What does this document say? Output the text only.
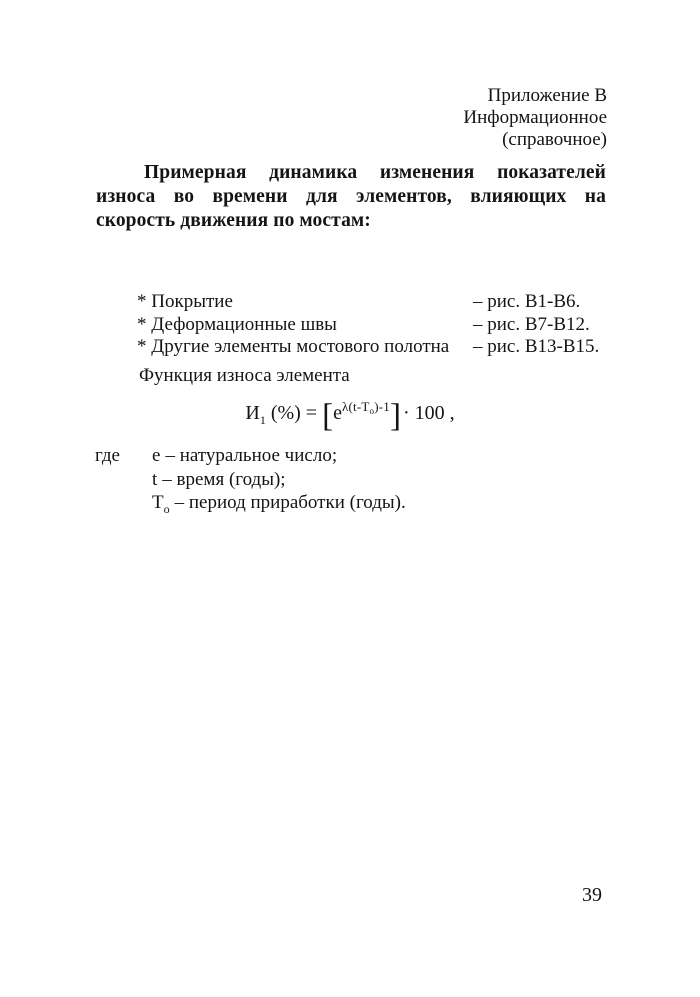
Приложение В
Информационное
(справочное)
Примерная динамика изменения показателей износа во времени для элементов, влияющих на скорость движения по мостам:
* Покрытие	– рис. В1-В6.
* Деформационные швы	– рис. В7-В12.
* Другие элементы мостового полотна	– рис. В13-В15.
Функция износа элемента
$И_1$ (%) = $[e^{\lambda(t-Т_о)-1}] \cdot 100$ ,
где е – натуральное число;
t – время (годы);
$Т_о$ – период приработки (годы).
39
